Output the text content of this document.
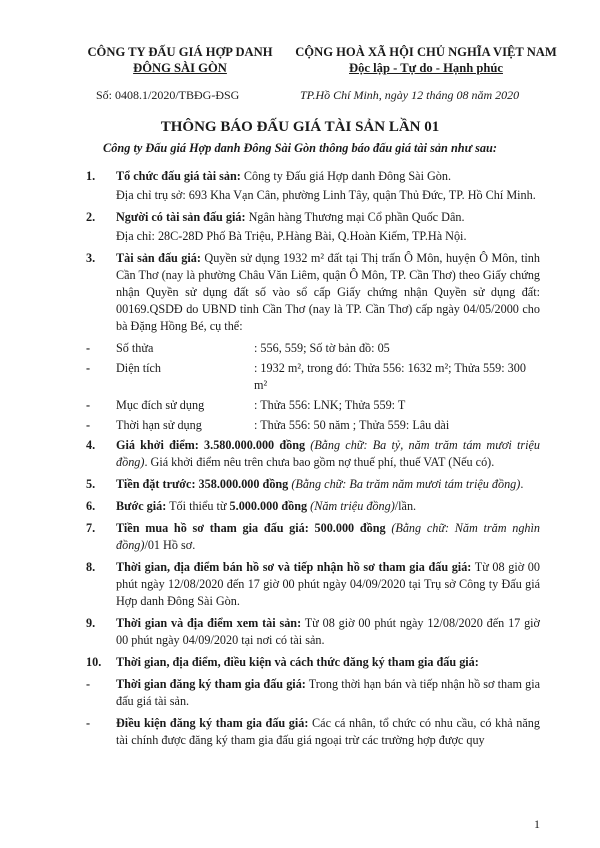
CÔNG TY ĐẤU GIÁ HỢP DANH
ĐÔNG SÀI GÒN
CỘNG HOÀ XÃ HỘI CHỦ NGHĨA VIỆT NAM
Độc lập - Tự do - Hạnh phúc
Số: 0408.1/2020/TBĐG-ĐSG	TP.Hồ Chí Minh, ngày 12 tháng 08 năm 2020
THÔNG BÁO ĐẤU GIÁ TÀI SẢN LẦN 01
Công ty Đấu giá Hợp danh Đông Sài Gòn thông báo đấu giá tài sản như sau:
1.	Tổ chức đấu giá tài sản: Công ty Đấu giá Hợp danh Đông Sài Gòn.

Địa chỉ trụ sở: 693 Kha Vạn Cân, phường Linh Tây, quận Thủ Đức, TP. Hồ Chí Minh.

2.	Người có tài sản đấu giá: Ngân hàng Thương mại Cổ phần Quốc Dân.

Địa chỉ: 28C-28D Phố Bà Triệu, P.Hàng Bài, Q.Hoàn Kiếm, TP.Hà Nội.

3.	Tài sản đấu giá: Quyền sử dụng 1932 m² đất tại Thị trấn Ô Môn, huyện Ô Môn, tỉnh Cần Thơ (nay là phường Châu Văn Liêm, quận Ô Môn, TP. Cần Thơ) theo Giấy chứng nhận Quyền sử dụng đất số vào sổ cấp Giấy chứng nhận Quyền sử dụng đất: 00169.QSDĐ do UBND tỉnh Cần Thơ (nay là TP. Cần Thơ) cấp ngày 04/05/2000 cho bà Đặng Hồng Bé, cụ thể:

-	Số thửa	: 556, 559; Số tờ bản đồ: 05
-	Diện tích	: 1932 m², trong đó: Thửa 556: 1632 m²; Thửa 559: 300 m²
-	Mục đích sử dụng	: Thửa 556: LNK; Thửa 559: T
-	Thời hạn sử dụng	: Thửa 556: 50 năm ; Thửa 559: Lâu dài
4.	Giá khởi điểm: 3.580.000.000 đồng (Bằng chữ: Ba tỷ, năm trăm tám mươi triệu đồng). Giá khởi điểm nêu trên chưa bao gồm nợ thuế phí, thuế VAT (Nếu có).

5.	Tiền đặt trước: 358.000.000 đồng (Bằng chữ: Ba trăm năm mươi tám triệu đồng).

6.	Bước giá: Tối thiểu từ 5.000.000 đồng (Năm triệu đồng)/lần.

7.	Tiền mua hồ sơ tham gia đấu giá: 500.000 đồng (Bằng chữ: Năm trăm nghìn đồng)/01 Hồ sơ.

8.	Thời gian, địa điểm bán hồ sơ và tiếp nhận hồ sơ tham gia đấu giá: Từ 08 giờ 00 phút ngày 12/08/2020 đến 17 giờ 00 phút ngày 04/09/2020 tại Trụ sở Công ty Đấu giá Hợp danh Đông Sài Gòn.

9.	Thời gian và địa điểm xem tài sản: Từ 08 giờ 00 phút ngày 12/08/2020 đến 17 giờ 00 phút ngày 04/09/2020 tại nơi có tài sản.

10.	Thời gian, địa điểm, điều kiện và cách thức đăng ký tham gia đấu giá:

-	Thời gian đăng ký tham gia đấu giá: Trong thời hạn bán và tiếp nhận hồ sơ tham gia đấu giá tài sản.

-	Điều kiện đăng ký tham gia đấu giá: Các cá nhân, tổ chức có nhu cầu, có khả năng tài chính được đăng ký tham gia đấu giá ngoại trừ các trường hợp được quy

1
